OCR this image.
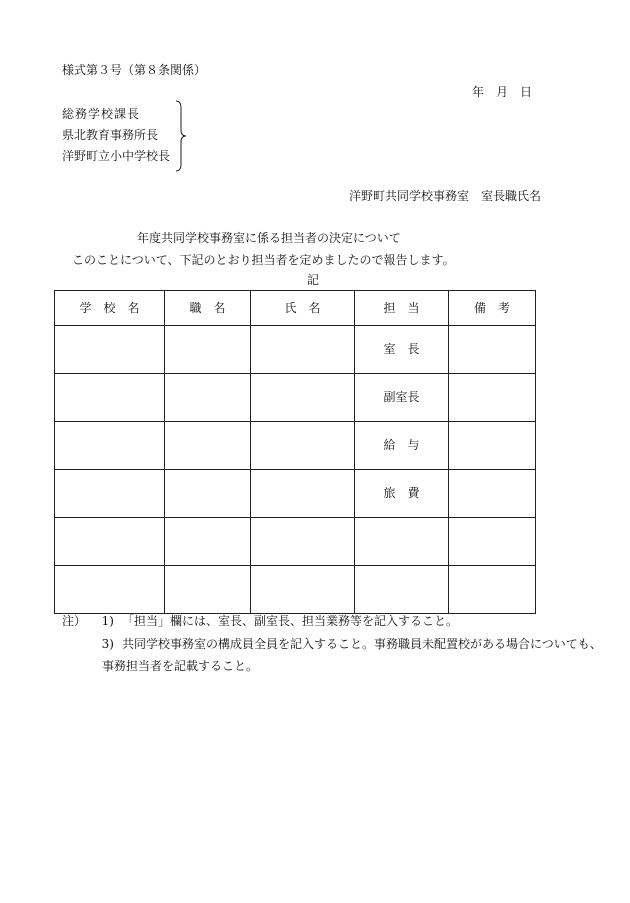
様式第３号（第８条関係）
年　月　日
総務学校課長
県北教育事務所長
洋野町立小中学校長
洋野町共同学校事務室　室長職氏名
年度共同学校事務室に係る担当者の決定について
このことについて、下記のとおり担当者を定めましたので報告します。
記
学　校　名	職　名	氏　名	担　当	備　考
			室　長	
			副室長	
			給　与	
			旅　費	

注） 1) 「担当」欄には、室長、副室長、担当業務等を記入すること。
3) 共同学校事務室の構成員全員を記入すること。事務職員未配置校がある場合についても、
事務担当者を記載すること。
